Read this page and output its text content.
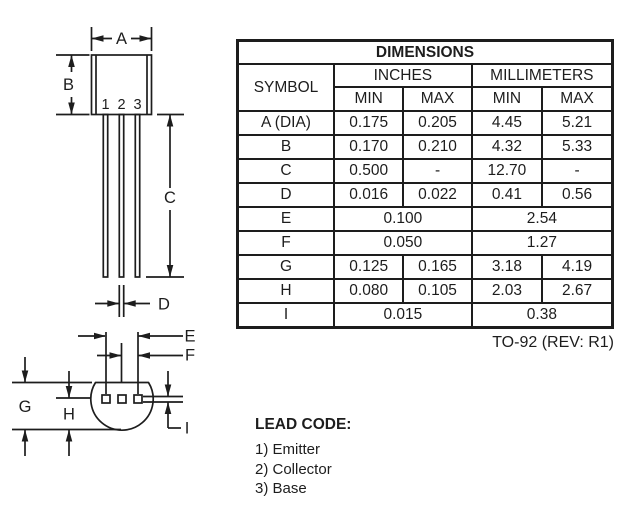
1 2 3
A
B
C
D
E
F
G H
I
DIMENSIONS				
SYMBOL	INCHES		MILLIMETERS	
	MIN	MAX	MIN	MAX
A (DIA)	0.175	0.205	4.45	5.21
B	0.170	0.210	4.32	5.33
C	0.500	-	12.70	-
D	0.016	0.022	0.41	0.56
E	0.100		2.54	
F	0.050		1.27	
G	0.125	0.165	3.18	4.19
H	0.080	0.105	2.03	2.67
I	0.015		0.38	
TO-92 (REV: R1)
LEAD CODE:
1) Emitter
2) Collector
3) Base
